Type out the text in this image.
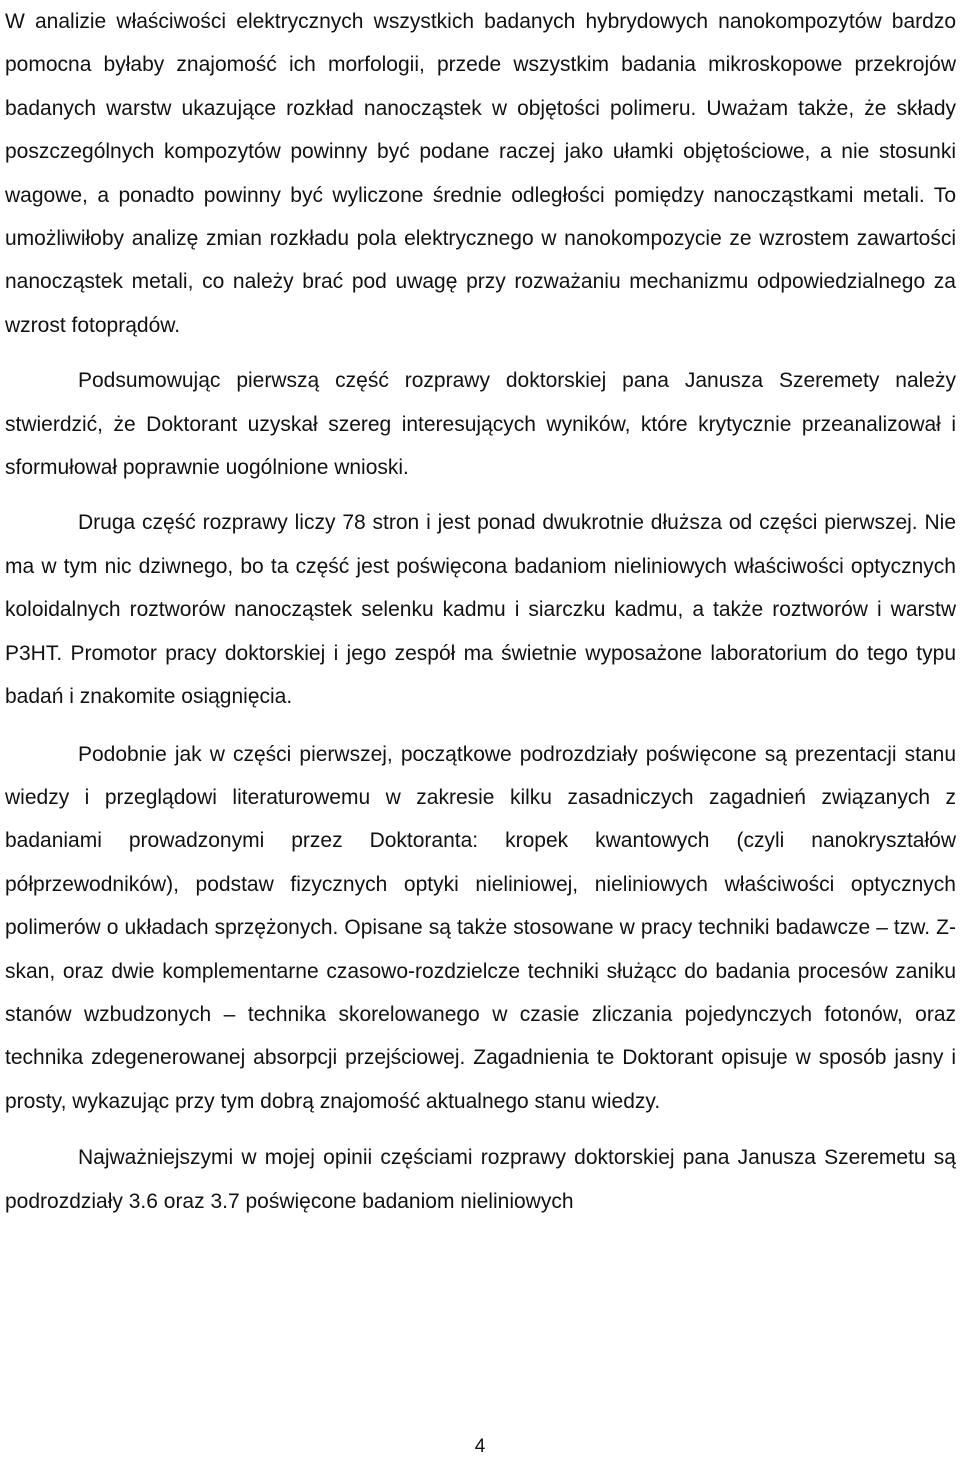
W analizie właściwości elektrycznych wszystkich badanych hybrydowych nanokompozytów bardzo pomocna byłaby znajomość ich morfologii, przede wszystkim badania mikroskopowe przekrojów badanych warstw ukazujące rozkład nanocząstek w objętości polimeru. Uważam także, że składy poszczególnych kompozytów powinny być podane raczej jako ułamki objętościowe, a nie stosunki wagowe, a ponadto powinny być wyliczone średnie odległości pomiędzy nanocząstkami metali. To umożliwiłoby analizę zmian rozkładu pola elektrycznego w nanokompozycie ze wzrostem zawartości nanocząstek metali, co należy brać pod uwagę przy rozważaniu mechanizmu odpowiedzialnego za wzrost fotoprądów.

Podsumowując pierwszą część rozprawy doktorskiej pana Janusza Szeremety należy stwierdzić, że Doktorant uzyskał szereg interesujących wyników, które krytycznie przeanalizował i sformułował poprawnie uogólnione wnioski.

Druga część rozprawy liczy 78 stron i jest ponad dwukrotnie dłuższa od części pierwszej. Nie ma w tym nic dziwnego, bo ta część jest poświęcona badaniom nieliniowych właściwości optycznych koloidalnych roztworów nanocząstek selenku kadmu i siarczku kadmu, a także roztworów i warstw P3HT. Promotor pracy doktorskiej i jego zespół ma świetnie wyposażone laboratorium do tego typu badań i znakomite osiągnięcia.

Podobnie jak w części pierwszej, początkowe podrozdziały poświęcone są prezentacji stanu wiedzy i przeglądowi literaturowemu w zakresie kilku zasadniczych zagadnień związanych z badaniami prowadzonymi przez Doktoranta: kropek kwantowych (czyli nanokryształów półprzewodników), podstaw fizycznych optyki nieliniowej, nieliniowych właściwości optycznych polimerów o układach sprzężonych. Opisane są także stosowane w pracy techniki badawcze – tzw. Z-skan, oraz dwie komplementarne czasowo-rozdzielcze techniki służącc do badania procesów zaniku stanów wzbudzonych – technika skorelowanego w czasie zliczania pojedynczych fotonów, oraz technika zdegenerowanej absorpcji przejściowej. Zagadnienia te Doktorant opisuje w sposób jasny i prosty, wykazując przy tym dobrą znajomość aktualnego stanu wiedzy.

Najważniejszymi w mojej opinii częściami rozprawy doktorskiej pana Janusza Szeremetu są podrozdziały 3.6 oraz 3.7 poświęcone badaniom nieliniowych

4
